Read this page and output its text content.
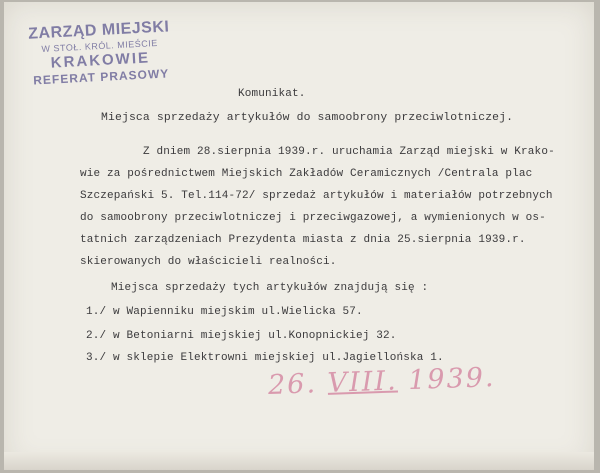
ZARZĄD MIEJSKI
W STOŁ. KRÓL. MIEŚCIE
KRAKOWIE
REFERAT PRASOWY
Komunikat.
Miejsca sprzedaży artykułów do samoobrony przeciwlotniczej.
Z dniem 28.sierpnia 1939.r. uruchamia Zarząd miejski w Krako-
wie za pośrednictwem Miejskich Zakładów Ceramicznych /Centrala plac
Szczepański 5. Tel.114-72/ sprzedaż artykułów i materiałów potrzebnych
do samoobrony przeciwlotniczej i przeciwgazowej, a wymienionych w os-
tatnich zarządzeniach Prezydenta miasta z dnia 25.sierpnia 1939.r.
skierowanych do właścicieli realności.
Miejsca sprzedaży tych artykułów znajdują się :
1./ w Wapienniku miejskim ul.Wielicka 57.
2./ w Betoniarni miejskiej ul.Konopnickiej 32.
3./ w sklepie Elektrowni miejskiej ul.Jagiellońska 1.
26. VIII. 1939.
